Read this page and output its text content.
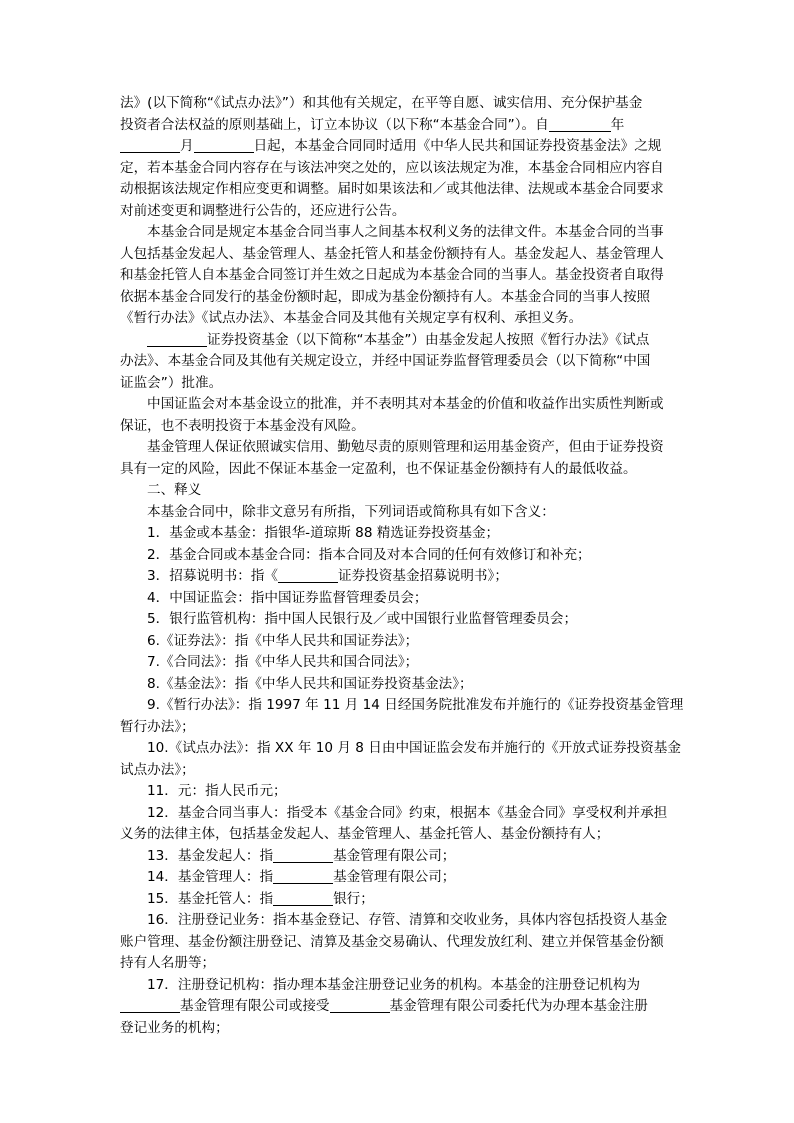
法》(以下简称“《试点办法》”）和其他有关规定，在平等自愿、诚实信用、充分保护基金
投资者合法权益的原则基础上，订立本协议（以下称“本基金合同”）。自	年
月	日起，本基金合同同时适用《中华人民共和国证券投资基金法》之规
定，若本基金合同内容存在与该法冲突之处的，应以该法规定为准，本基金合同相应内容自
动根据该法规定作相应变更和调整。届时如果该法和／或其他法律、法规或本基金合同要求
对前述变更和调整进行公告的，还应进行公告。
本基金合同是规定本基金合同当事人之间基本权利义务的法律文件。本基金合同的当事
人包括基金发起人、基金管理人、基金托管人和基金份额持有人。基金发起人、基金管理人
和基金托管人自本基金合同签订并生效之日起成为本基金合同的当事人。基金投资者自取得
依据本基金合同发行的基金份额时起，即成为基金份额持有人。本基金合同的当事人按照
《暂行办法》《试点办法》、本基金合同及其他有关规定享有权利、承担义务。
证券投资基金（以下简称“本基金”）由基金发起人按照《暂行办法》《试点
办法》、本基金合同及其他有关规定设立，并经中国证券监督管理委员会（以下简称“中国
证监会”）批准。
中国证监会对本基金设立的批准，并不表明其对本基金的价值和收益作出实质性判断或
保证，也不表明投资于本基金没有风险。
基金管理人保证依照诚实信用、勤勉尽责的原则管理和运用基金资产，但由于证券投资
具有一定的风险，因此不保证本基金一定盈利，也不保证基金份额持有人的最低收益。
二、释义
本基金合同中，除非文意另有所指，下列词语或简称具有如下含义：
1．基金或本基金：指银华-道琼斯 88 精选证券投资基金；
2．基金合同或本基金合同：指本合同及对本合同的任何有效修订和补充；
3．招募说明书：指《	证券投资基金招募说明书》；
4．中国证监会：指中国证券监督管理委员会；
5．银行监管机构：指中国人民银行及／或中国银行业监督管理委员会；
6.《证券法》：指《中华人民共和国证券法》；
7.《合同法》：指《中华人民共和国合同法》；
8.《基金法》：指《中华人民共和国证券投资基金法》；
9.《暂行办法》：指 1997 年 11 月 14 日经国务院批准发布并施行的《证券投资基金管理
暂行办法》；
10.《试点办法》：指 XX 年 10 月 8 日由中国证监会发布并施行的《开放式证券投资基金
试点办法》；
11．元：指人民币元；
12．基金合同当事人：指受本《基金合同》约束，根据本《基金合同》享受权利并承担
义务的法律主体，包括基金发起人、基金管理人、基金托管人、基金份额持有人；
13．基金发起人：指	基金管理有限公司；
14．基金管理人：指	基金管理有限公司；
15．基金托管人：指	银行；
16．注册登记业务：指本基金登记、存管、清算和交收业务，具体内容包括投资人基金
账户管理、基金份额注册登记、清算及基金交易确认、代理发放红利、建立并保管基金份额
持有人名册等；
17．注册登记机构：指办理本基金注册登记业务的机构。本基金的注册登记机构为
基金管理有限公司或接受	基金管理有限公司委托代为办理本基金注册
登记业务的机构；
